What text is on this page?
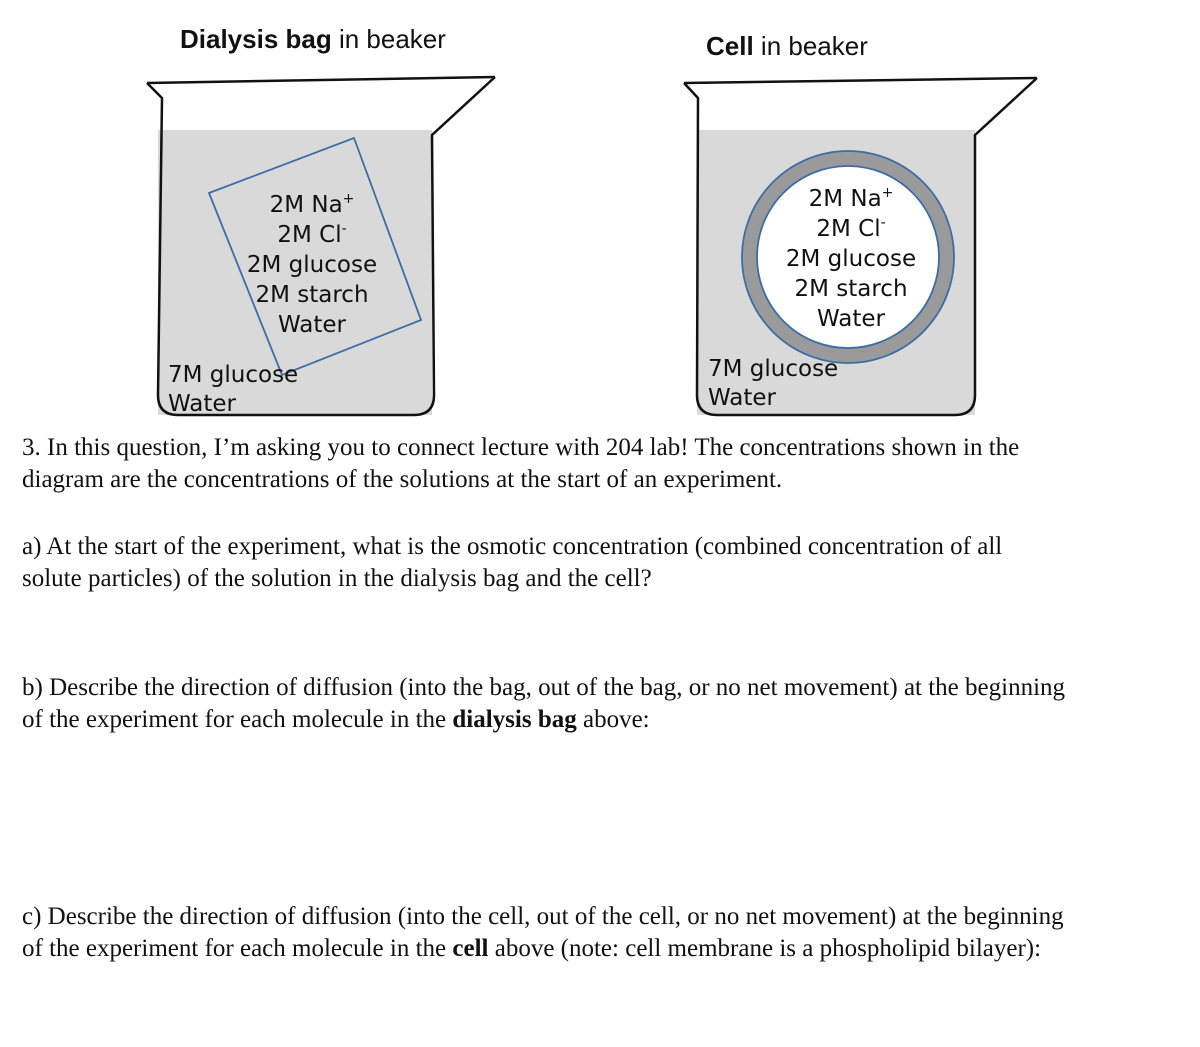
2M Na+
2M Cl-
2M glucose
2M starch
Water
7M glucose
Water
Dialysis bag in beaker
2M Na+
2M Cl-
2M glucose
2M starch
Water
7M glucose
Water
Cell in beaker
3. In this question, I’m asking you to connect lecture with 204 lab! The concentrations shown in the
diagram are the concentrations of the solutions at the start of an experiment.
a) At the start of the experiment, what is the osmotic concentration (combined concentration of all
solute particles) of the solution in the dialysis bag and the cell?
b) Describe the direction of diffusion (into the bag, out of the bag, or no net movement) at the beginning
of the experiment for each molecule in the dialysis bag above:
c) Describe the direction of diffusion (into the cell, out of the cell, or no net movement) at the beginning
of the experiment for each molecule in the cell above (note: cell membrane is a phospholipid bilayer):
